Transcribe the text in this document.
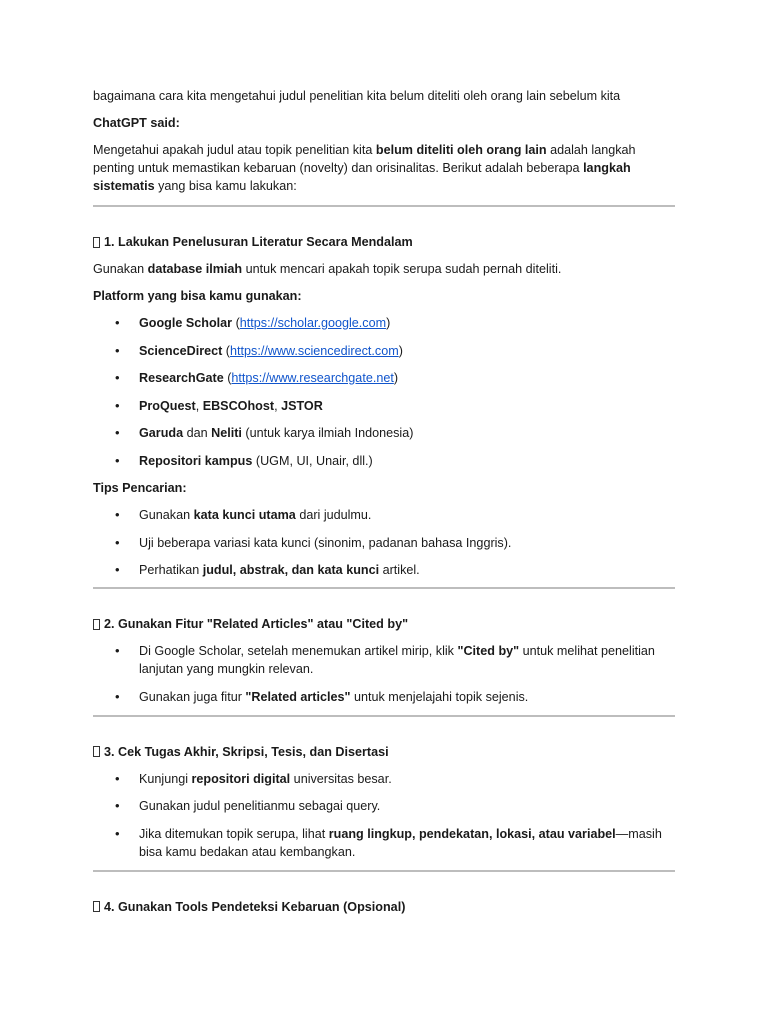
bagaimana cara kita mengetahui judul penelitian kita belum diteliti oleh orang lain sebelum kita

ChatGPT said:

Mengetahui apakah judul atau topik penelitian kita belum diteliti oleh orang lain adalah langkah penting untuk memastikan kebaruan (novelty) dan orisinalitas. Berikut adalah beberapa langkah sistematis yang bisa kamu lakukan:

1. Lakukan Penelusuran Literatur Secara Mendalam

Gunakan database ilmiah untuk mencari apakah topik serupa sudah pernah diteliti.

Platform yang bisa kamu gunakan:

• Google Scholar (https://scholar.google.com)
• ScienceDirect (https://www.sciencedirect.com)
• ResearchGate (https://www.researchgate.net)
• ProQuest, EBSCOhost, JSTOR
• Garuda dan Neliti (untuk karya ilmiah Indonesia)
• Repositori kampus (UGM, UI, Unair, dll.)

Tips Pencarian:

• Gunakan kata kunci utama dari judulmu.
• Uji beberapa variasi kata kunci (sinonim, padanan bahasa Inggris).
• Perhatikan judul, abstrak, dan kata kunci artikel.

2. Gunakan Fitur "Related Articles" atau "Cited by"

• Di Google Scholar, setelah menemukan artikel mirip, klik "Cited by" untuk melihat penelitian lanjutan yang mungkin relevan.
• Gunakan juga fitur "Related articles" untuk menjelajahi topik sejenis.

3. Cek Tugas Akhir, Skripsi, Tesis, dan Disertasi

• Kunjungi repositori digital universitas besar.
• Gunakan judul penelitianmu sebagai query.
• Jika ditemukan topik serupa, lihat ruang lingkup, pendekatan, lokasi, atau variabel—masih bisa kamu bedakan atau kembangkan.

4. Gunakan Tools Pendeteksi Kebaruan (Opsional)
